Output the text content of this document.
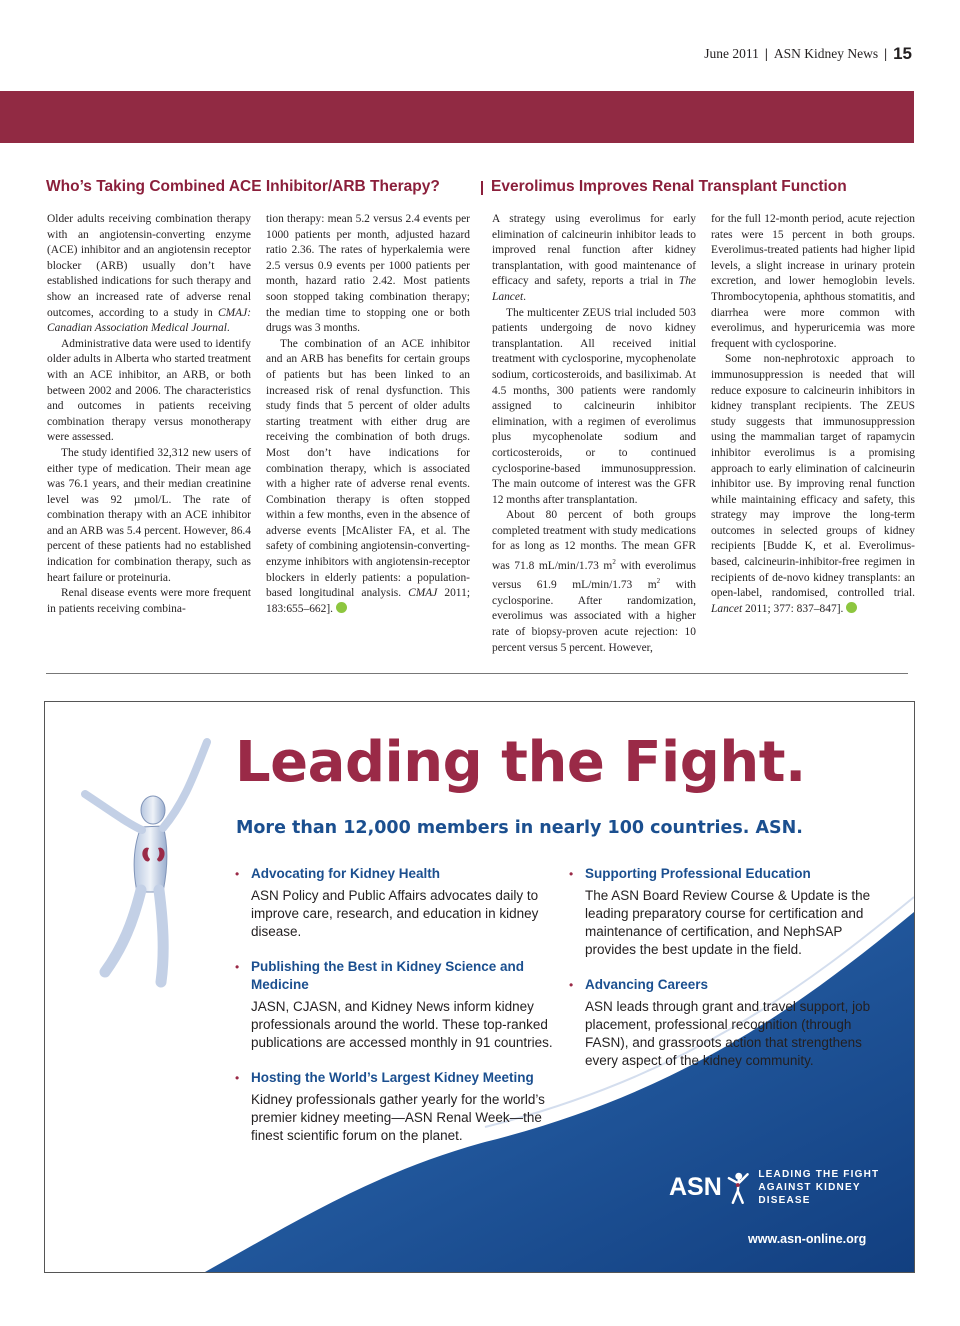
June 2011 | ASN Kidney News | 15
Who’s Taking Combined ACE Inhibitor/ARB Therapy?	Everolimus Improves Renal Transplant Function

Older adults receiving combination therapy with an angiotensin-converting enzyme (ACE) inhibitor and an angiotensin receptor blocker (ARB) usually don’t have established indications for such therapy and show an increased rate of adverse renal outcomes, according to a study in CMAJ: Canadian Association Medical Journal.

Administrative data were used to identify older adults in Alberta who started treatment with an ACE inhibitor, an ARB, or both between 2002 and 2006. The characteristics and outcomes in patients receiving combination therapy versus monotherapy were assessed.

The study identified 32,312 new users of either type of medication. Their mean age was 76.1 years, and their median creatinine level was 92 µmol/L. The rate of combination therapy with an ACE inhibitor and an ARB was 5.4 percent. However, 86.4 percent of these patients had no established indication for combination therapy, such as heart failure or proteinuria.

Renal disease events were more frequent in patients receiving combina-

tion therapy: mean 5.2 versus 2.4 events per 1000 patients per month, adjusted hazard ratio 2.36. The rates of hyperkalemia were 2.5 versus 0.9 events per 1000 patients per month, hazard ratio 2.42. Most patients soon stopped taking combination therapy; the median time to stopping one or both drugs was 3 months.

The combination of an ACE inhibitor and an ARB has benefits for certain groups of patients but has been linked to an increased risk of renal dysfunction. This study finds that 5 percent of older adults starting treatment with either drug are receiving the combination of both drugs. Most don’t have indications for combination therapy, which is associated with a higher rate of adverse renal events. Combination therapy is often stopped within a few months, even in the absence of adverse events [McAlister FA, et al. The safety of combining angiotensin-converting-enzyme inhibitors with angiotensin-receptor blockers in elderly patients: a population-based longitudinal analysis. CMAJ 2011; 183:655–662].

A strategy using everolimus for early elimination of calcineurin inhibitor leads to improved renal function after kidney transplantation, with good maintenance of efficacy and safety, reports a trial in The Lancet.

The multicenter ZEUS trial included 503 patients undergoing de novo kidney transplantation. All received initial treatment with cyclosporine, mycophenolate sodium, corticosteroids, and basiliximab. At 4.5 months, 300 patients were randomly assigned to calcineurin inhibitor elimination, with a regimen of everolimus plus mycophenolate sodium and corticosteroids, or to continued cyclosporine-based immunosuppression. The main outcome of interest was the GFR 12 months after transplantation.

About 80 percent of both groups completed treatment with study medications for as long as 12 months. The mean GFR was 71.8 mL/min/1.73 $m^2$ with everolimus versus 61.9 mL/min/1.73 $m^2$ with cyclosporine. After randomization, everolimus was associated with a higher rate of biopsy-proven acute rejection: 10 percent versus 5 percent. However,

for the full 12-month period, acute rejection rates were 15 percent in both groups. Everolimus-treated patients had higher lipid levels, a slight increase in urinary protein excretion, and lower hemoglobin levels. Thrombocytopenia, aphthous stomatitis, and diarrhea were more common with everolimus, and hyperuricemia was more frequent with cyclosporine.

Some non-nephrotoxic approach to immunosuppression is needed that will reduce exposure to calcineurin inhibitors in kidney transplant recipients. The ZEUS study suggests that immunosuppression using the mammalian target of rapamycin inhibitor everolimus is a promising approach to early elimination of calcineurin inhibitor use. By improving renal function while maintaining efficacy and safety, this strategy may improve the long-term outcomes in selected groups of kidney recipients [Budde K, et al. Everolimus-based, calcineurin-inhibitor-free regimen in recipients of de-novo kidney transplants: an open-label, randomised, controlled trial. Lancet 2011; 377: 837–847].

Leading the Fight.
More than 12,000 members in nearly 100 countries. ASN.
• Advocating for Kidney Health
ASN Policy and Public Affairs advocates daily to improve care, research, and education in kidney disease.
• Publishing the Best in Kidney Science and Medicine
JASN, CJASN, and Kidney News inform kidney professionals around the world. These top-ranked publications are accessed monthly in 91 countries.
• Hosting the World’s Largest Kidney Meeting
Kidney professionals gather yearly for the world’s premier kidney meeting—ASN Renal Week—the finest scientific forum on the planet.
• Supporting Professional Education
The ASN Board Review Course & Update is the leading preparatory course for certification and maintenance of certification, and NephSAP provides the best update in the field.
• Advancing Careers
ASN leads through grant and travel support, job placement, professional recognition (through FASN), and grassroots action that strengthens every aspect of the kidney community.
ASN	LEADING THE FIGHT
AGAINST KIDNEY DISEASE
www.asn-online.org
